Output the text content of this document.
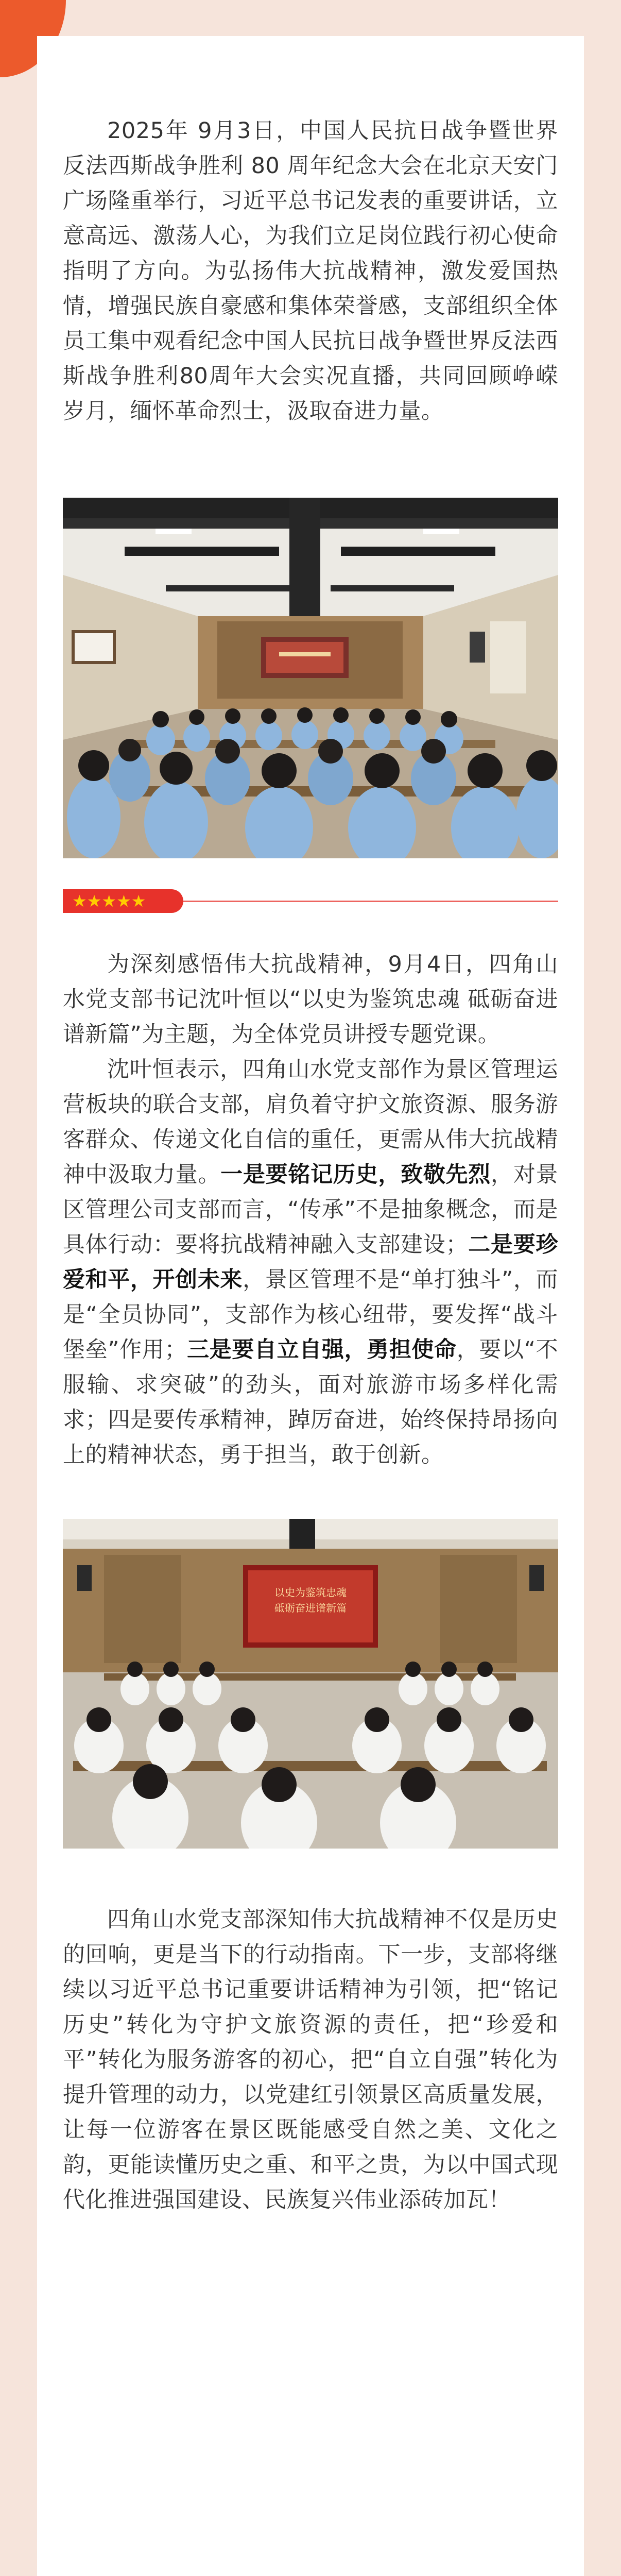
2025年 9月3日，中国人民抗日战争暨世界反法西斯战争胜利 80 周年纪念大会在北京天安门广场隆重举行，习近平总书记发表的重要讲话，立意高远、激荡人心，为我们立足岗位践行初心使命指明了方向。为弘扬伟大抗战精神，激发爱国热情，增强民族自豪感和集体荣誉感，支部组织全体员工集中观看纪念中国人民抗日战争暨世界反法西斯战争胜利80周年大会实况直播，共同回顾峥嵘岁月，缅怀革命烈士，汲取奋进力量。

★★★★★

为深刻感悟伟大抗战精神，9月4日，四角山水党支部书记沈叶恒以“以史为鉴筑忠魂 砥砺奋进谱新篇”为主题，为全体党员讲授专题党课。

沈叶恒表示，四角山水党支部作为景区管理运营板块的联合支部，肩负着守护文旅资源、服务游客群众、传递文化自信的重任，更需从伟大抗战精神中汲取力量。一是要铭记历史，致敬先烈，对景区管理公司支部而言，“传承”不是抽象概念，而是具体行动：要将抗战精神融入支部建设；二是要珍爱和平，开创未来，景区管理不是“单打独斗”，而是“全员协同”，支部作为核心纽带，要发挥“战斗堡垒”作用；三是要自立自强，勇担使命，要以“不服输、求突破”的劲头，面对旅游市场多样化需求；四是要传承精神，踔厉奋进，始终保持昂扬向上的精神状态，勇于担当，敢于创新。

以史为鉴筑忠魂
砥砺奋进谱新篇

四角山水党支部深知伟大抗战精神不仅是历史的回响，更是当下的行动指南。下一步，支部将继续以习近平总书记重要讲话精神为引领，把“铭记历史”转化为守护文旅资源的责任，把“珍爱和平”转化为服务游客的初心，把“自立自强”转化为提升管理的动力，以党建红引领景区高质量发展，让每一位游客在景区既能感受自然之美、文化之韵，更能读懂历史之重、和平之贵，为以中国式现代化推进强国建设、民族复兴伟业添砖加瓦！
